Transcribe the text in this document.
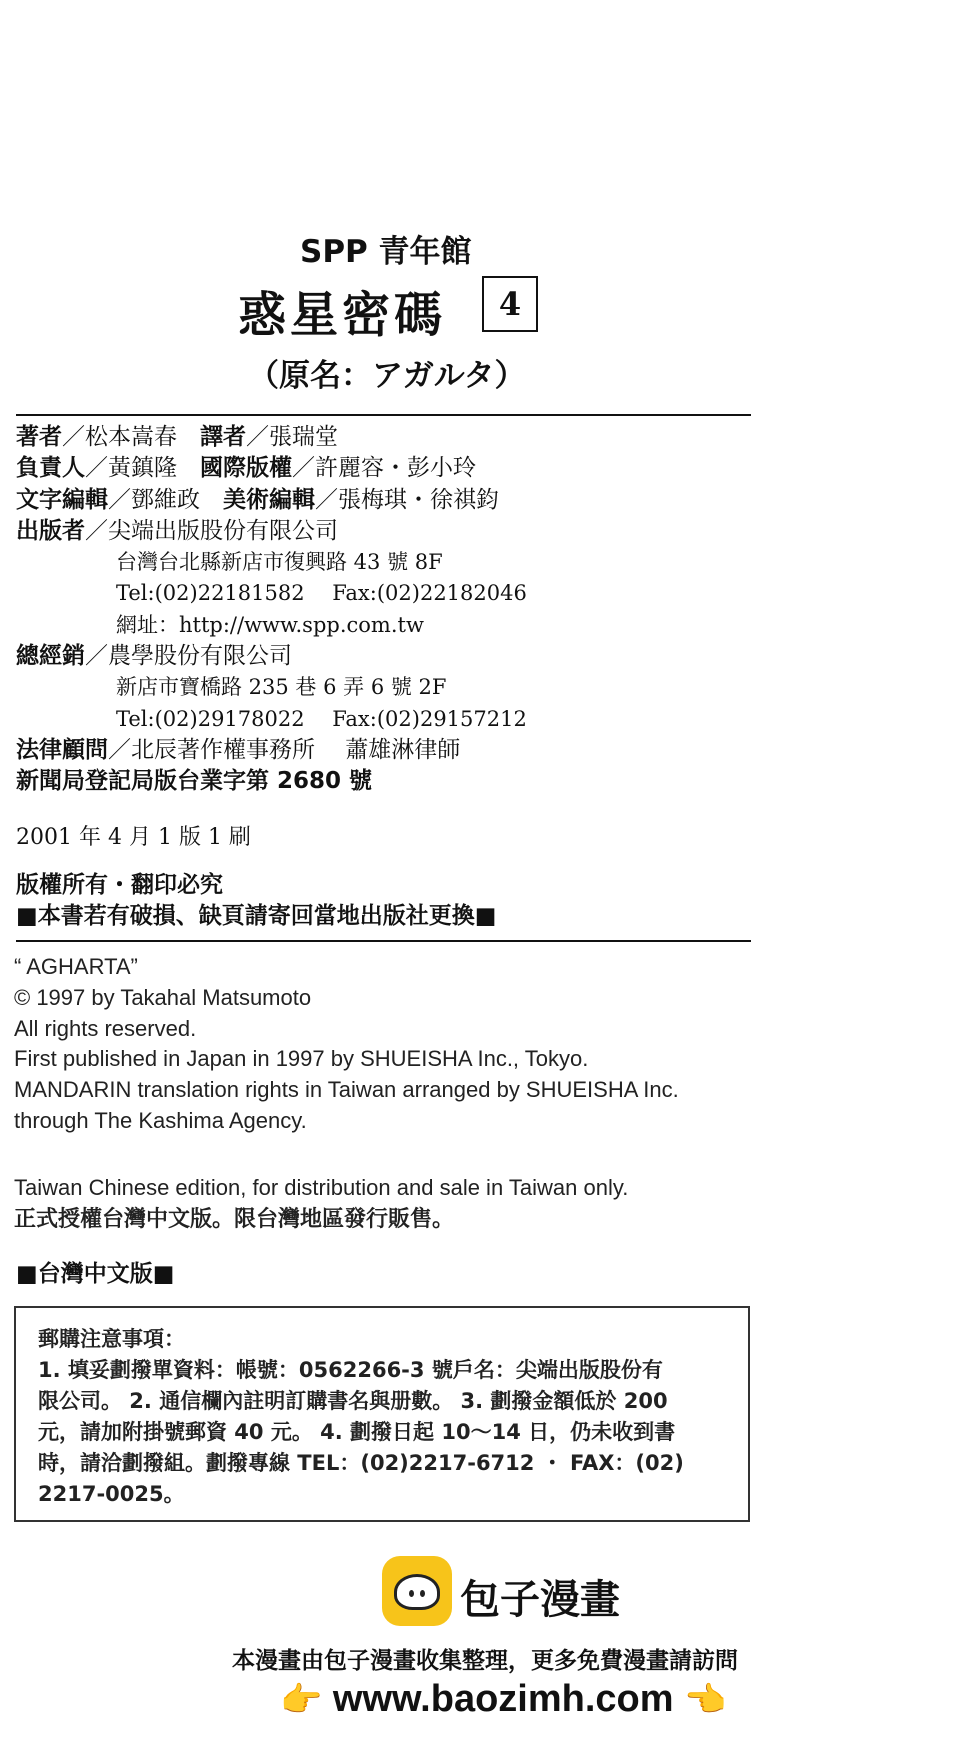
SPP 青年館
惑星密碼	4
（原名：アガルタ）
著者／松本嵩春　譯者／張瑞堂
負責人／黃鎮隆　國際版權／許麗容・彭小玲
文字編輯／鄧維政　美術編輯／張梅琪・徐祺鈞
出版者／尖端出版股份有限公司
台灣台北縣新店市復興路 43 號 8F
Tel:(02)22181582　 Fax:(02)22182046
網址：http://www.spp.com.tw
總經銷／農學股份有限公司
新店市寶橋路 235 巷 6 弄 6 號 2F
Tel:(02)29178022　 Fax:(02)29157212
法律顧問／北辰著作權事務所　 蕭雄淋律師
新聞局登記局版台業字第 2680 號
2001 年 4 月 1 版 1 刷
版權所有・翻印必究
■本書若有破損、缺頁請寄回當地出版社更換■
“ AGHARTA”
© 1997 by Takahal Matsumoto
All rights reserved.
First published in Japan in 1997 by SHUEISHA Inc., Tokyo.
MANDARIN translation rights in Taiwan arranged by SHUEISHA Inc.
through The Kashima Agency.
Taiwan Chinese edition, for distribution and sale in Taiwan only.
正式授權台灣中文版。限台灣地區發行販售。
■台灣中文版■

郵購注意事項：

1. 填妥劃撥單資料：帳號：0562266-3 號戶名：尖端出版股份有

限公司。 2. 通信欄內註明訂購書名與册數。 3. 劃撥金額低於 200

元，請加附掛號郵資 40 元。 4. 劃撥日起 10～14 日，仍未收到書

時，請洽劃撥組。劃撥專線 TEL：(02)2217-6712 ・ FAX：(02)

2217-0025。

包子漫畫
本漫畫由包子漫畫收集整理，更多免費漫畫請訪問
👉 www.baozimh.com 👈
